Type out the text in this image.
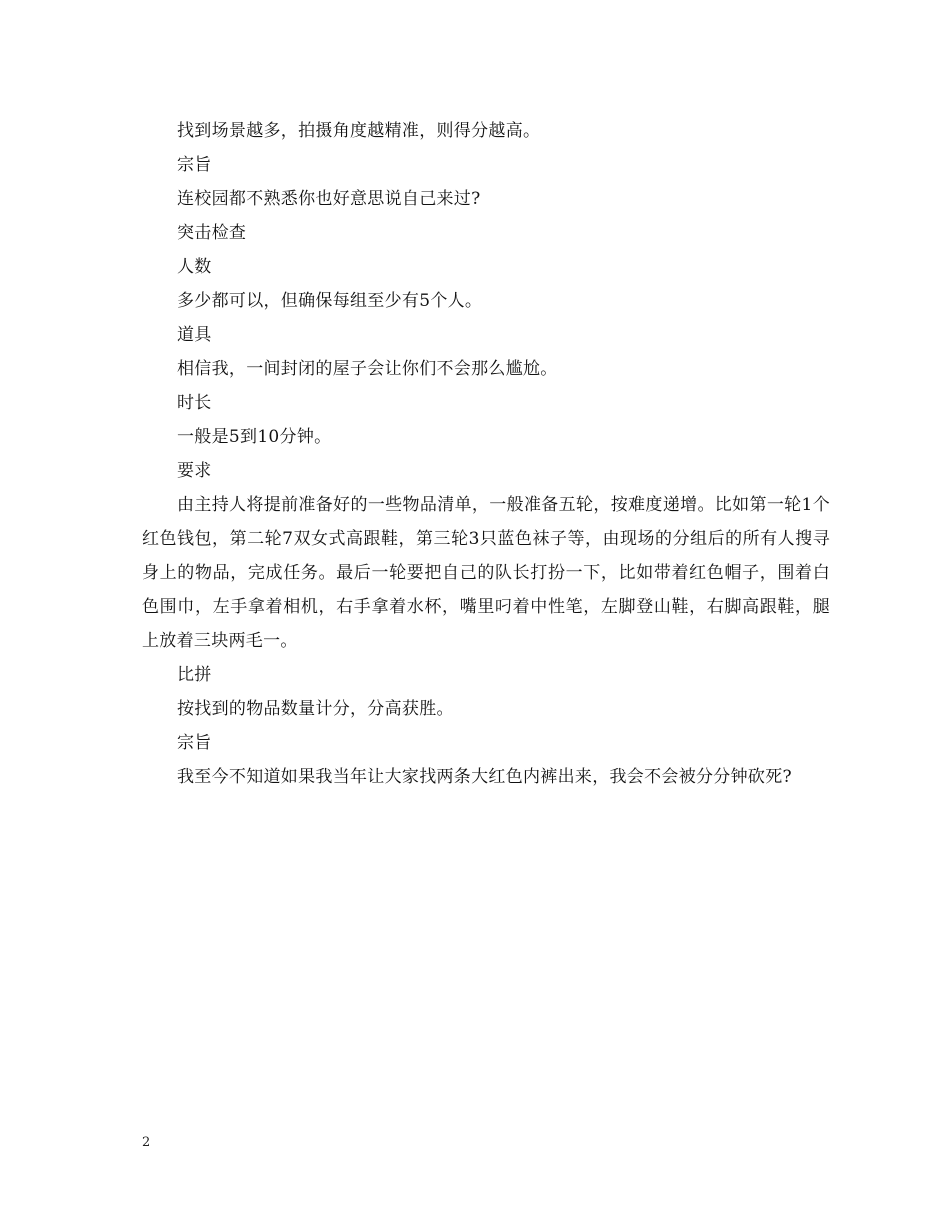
找到场景越多，拍摄角度越精准，则得分越高。

宗旨

连校园都不熟悉你也好意思说自己来过?

突击检查

人数

多少都可以，但确保每组至少有5个人。

道具

相信我，一间封闭的屋子会让你们不会那么尴尬。

时长

一般是5到10分钟。

要求

由主持人将提前准备好的一些物品清单，一般准备五轮，按难度递增。比如第一轮1个红色钱包，第二轮7双女式高跟鞋，第三轮3只蓝色袜子等，由现场的分组后的所有人搜寻身上的物品，完成任务。最后一轮要把自己的队长打扮一下，比如带着红色帽子，围着白色围巾，左手拿着相机，右手拿着水杯，嘴里叼着中性笔，左脚登山鞋，右脚高跟鞋，腿上放着三块两毛一。

比拼

按找到的物品数量计分，分高获胜。

宗旨

我至今不知道如果我当年让大家找两条大红色内裤出来，我会不会被分分钟砍死?

2
